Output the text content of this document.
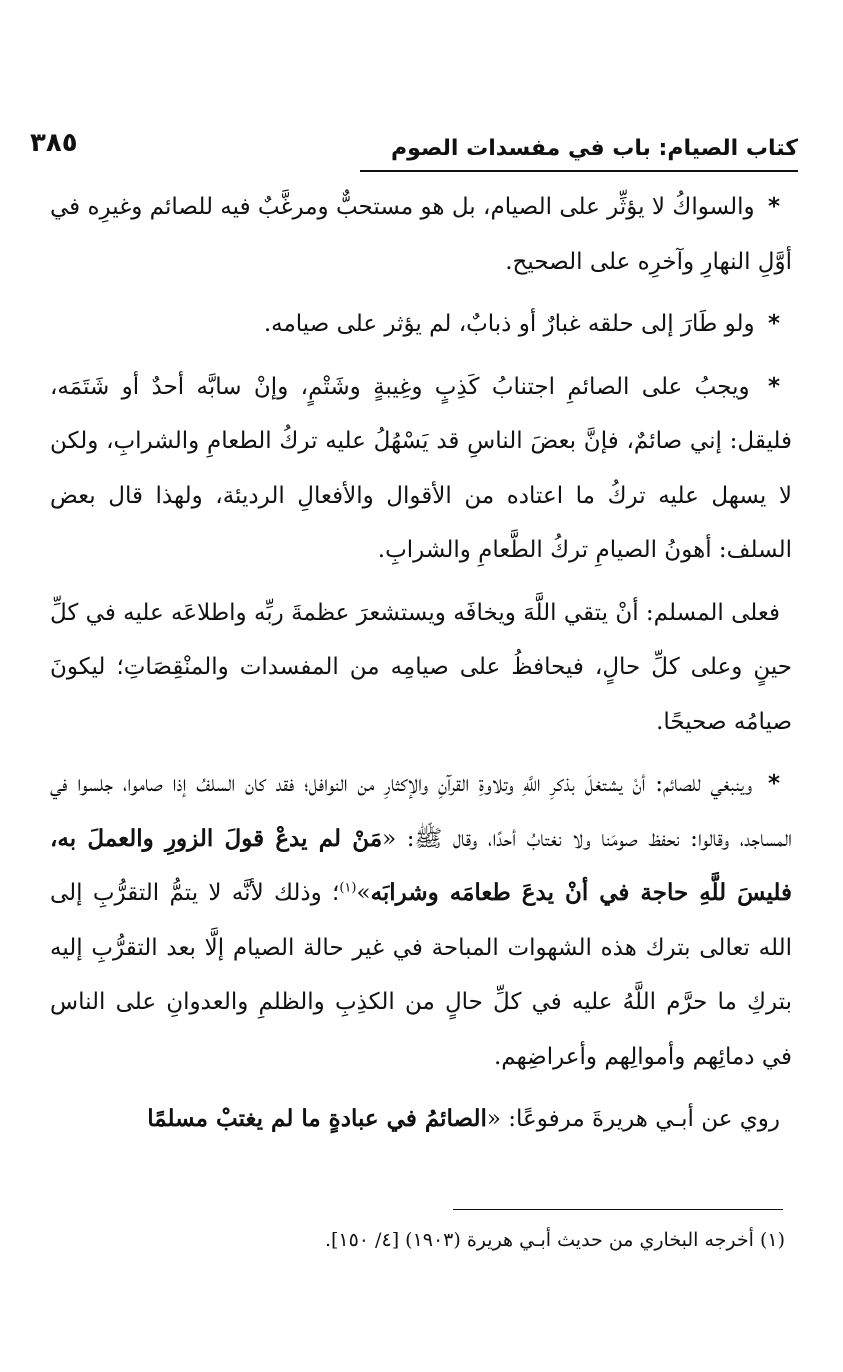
كتاب الصيام: باب في مفسدات الصوم
٣٨٥

* والسواكُ لا يؤثِّر على الصيام، بل هو مستحبٌّ ومرغَّبٌ فيه للصائم وغيرِه في أوَّلِ النهارِ وآخرِه على الصحيح.

* ولو طَارَ إلى حلقه غبارٌ أو ذبابٌ، لم يؤثر على صيامه.

* ويجبُ على الصائمِ اجتنابُ كَذِبٍ وغِيبةٍ وشَتْمٍ، وإنْ سابَّه أحدٌ أو شَتَمَه، فليقل: إني صائمٌ، فإنَّ بعضَ الناسِ قد يَسْهُلُ عليه تركُ الطعامِ والشرابِ، ولكن لا يسهل عليه تركُ ما اعتاده من الأقوال والأفعالِ الرديئة، ولهذا قال بعض السلف: أهونُ الصيامِ تركُ الطَّعامِ والشرابِ.

فعلى المسلم: أنْ يتقي اللَّهَ ويخافَه ويستشعرَ عظمةَ ربِّه واطلاعَه عليه في كلِّ حينٍ وعلى كلِّ حالٍ، فيحافظُ على صيامِه من المفسدات والمنْقِصَاتِ؛ ليكونَ صيامُه صحيحًا.

* وينبغي للصائم: أنْ يشتغلَ بذكرِ اللَّهِ وتلاوةِ القرآنِ والإكثارِ من النوافل؛ فقد كان السلفُ إذا صاموا، جلسوا في المساجد، وقالوا: نحفظ صومَنا ولا نغتابُ أحدًا، وقال ﷺ: «مَنْ لم يدعْ قولَ الزورِ والعملَ به، فليسَ للَّهِ حاجة في أنْ يدعَ طعامَه وشرابَه»$^{(١)}$؛ وذلك لأنَّه لا يتمُّ التقرُّبِ إلى الله تعالى بترك هذه الشهوات المباحة في غير حالة الصيام إلَّا بعد التقرُّبِ إليه بتركِ ما حرَّم اللَّهُ عليه في كلِّ حالٍ من الكذِبِ والظلمِ والعدوانِ على الناس في دمائِهم وأموالِهم وأعراضِهم.

روي عن أبـي هريرةَ مرفوعًا: «الصائمُ في عبادةٍ ما لم يغتبْ مسلمًا

(١) أخرجه البخاري من حديث أبـي هريرة (١٩٠٣) [٤/ ١٥٠].
